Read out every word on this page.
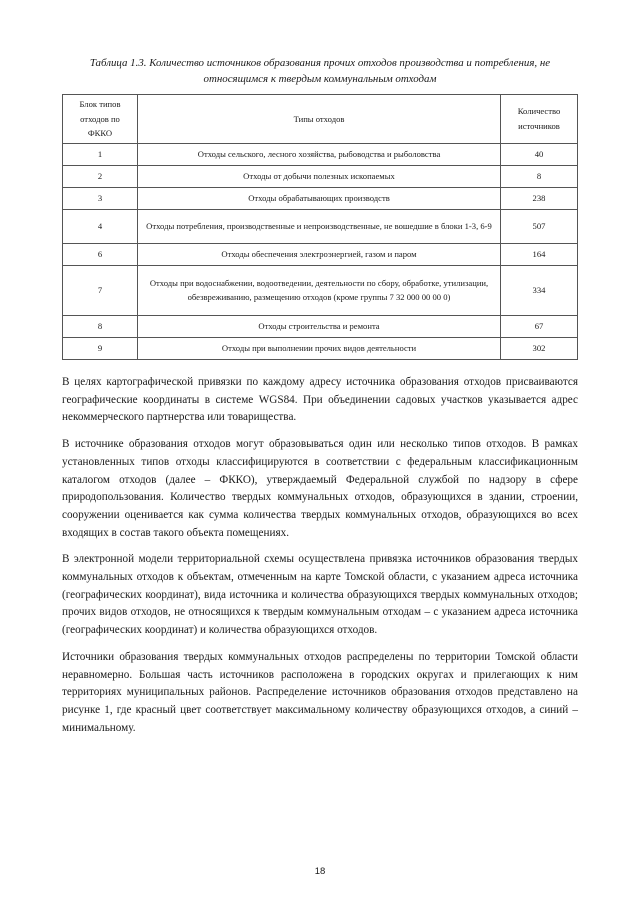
Таблица 1.3. Количество источников образования прочих отходов производства и потребления, не относящимся к твердым коммунальным отходам
Блок типов отходов по ФККО	Типы отходов	Количество источников
1	Отходы сельского, лесного хозяйства, рыбоводства и рыболовства	40
2	Отходы от добычи полезных ископаемых	8
3	Отходы обрабатывающих производств	238
4	Отходы потребления, производственные и непроизводственные, не вошедшие в блоки 1-3, 6-9	507
6	Отходы обеспечения электроэнергией, газом и паром	164
7	Отходы при водоснабжении, водоотведении, деятельности по сбору, обработке, утилизации, обезвреживанию, размещению отходов (кроме группы 7 32 000 00 00 0)	334
8	Отходы строительства и ремонта	67
9	Отходы при выполнении прочих видов деятельности	302

В целях картографической привязки по каждому адресу источника образования отходов присваиваются географические координаты в системе WGS84. При объединении садовых участков указывается адрес некоммерческого партнерства или товарищества.

В источнике образования отходов могут образовываться один или несколько типов отходов. В рамках установленных типов отходы классифицируются в соответствии с федеральным классификационным каталогом отходов (далее – ФККО), утверждаемый Федеральной службой по надзору в сфере природопользования. Количество твердых коммунальных отходов, образующихся в здании, строении, сооружении оценивается как сумма количества твердых коммунальных отходов, образующихся во всех входящих в состав такого объекта помещениях.

В электронной модели территориальной схемы осуществлена привязка источников образования твердых коммунальных отходов к объектам, отмеченным на карте Томской области, с указанием адреса источника (географических координат), вида источника и количества образующихся твердых коммунальных отходов; прочих видов отходов, не относящихся к твердым коммунальным отходам – с указанием адреса источника (географических координат) и количества образующихся отходов.

Источники образования твердых коммунальных отходов распределены по территории Томской области неравномерно. Большая часть источников расположена в городских округах и прилегающих к ним территориях муниципальных районов. Распределение источников образования отходов представлено на рисунке 1, где красный цвет соответствует максимальному количеству образующихся отходов, а синий – минимальному.

18
